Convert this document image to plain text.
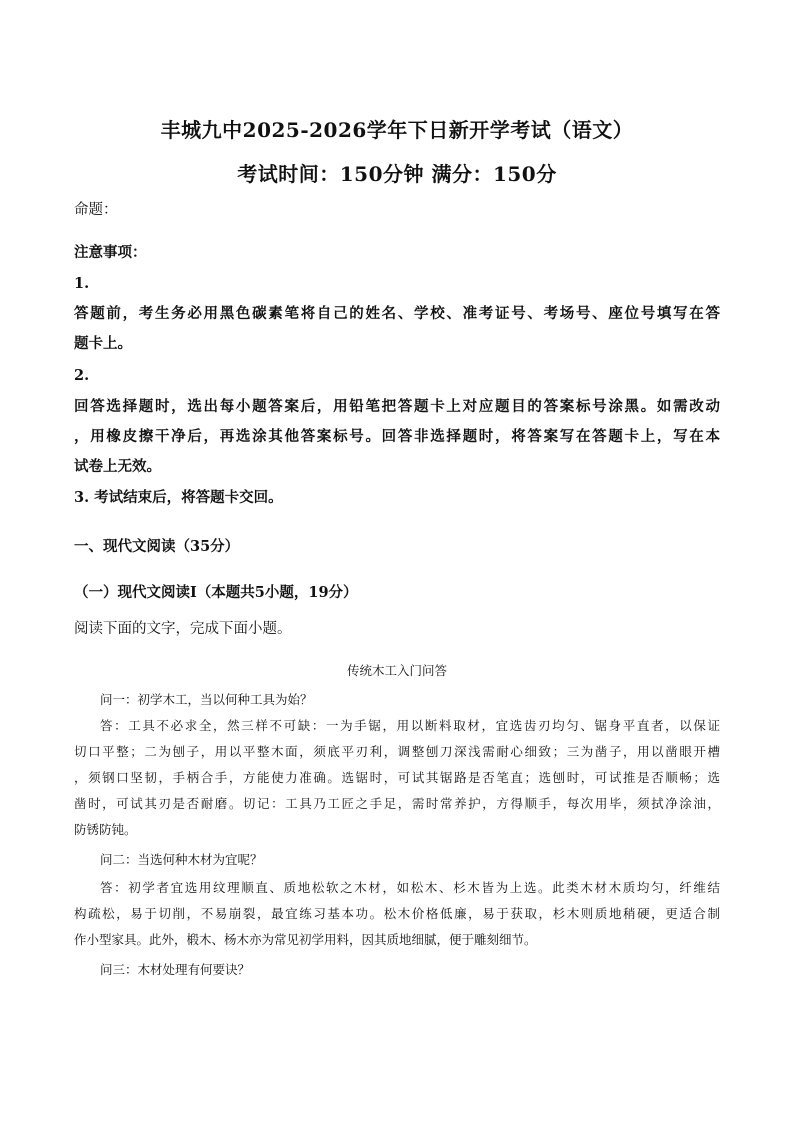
丰城九中2025-2026学年下日新开学考试（语文）
考试时间：150分钟 满分：150分
命题：
注意事项：
1.
答题前，考生务必用黑色碳素笔将自己的姓名、学校、准考证号、考场号、座位号填写在答
题卡上。
2.
回答选择题时，选出每小题答案后，用铅笔把答题卡上对应题目的答案标号涂黑。如需改动
，用橡皮擦干净后，再选涂其他答案标号。回答非选择题时，将答案写在答题卡上，写在本
试卷上无效。
3. 考试结束后，将答题卡交回。
一、现代文阅读（35分）
（一）现代文阅读Ⅰ（本题共5小题，19分）
阅读下面的文字，完成下面小题。
传统木工入门问答
问一：初学木工，当以何种工具为始？
答：工具不必求全，然三样不可缺：一为手锯，用以断料取材，宜选齿刃均匀、锯身平直者，以保证
切口平整；二为刨子，用以平整木面，须底平刃利，调整刨刀深浅需耐心细致；三为凿子，用以凿眼开槽
，须钢口坚韧，手柄合手，方能使力准确。选锯时，可试其锯路是否笔直；选刨时，可试推是否顺畅；选
凿时，可试其刃是否耐磨。切记：工具乃工匠之手足，需时常养护，方得顺手，每次用毕，须拭净涂油，
防锈防钝。
问二：当选何种木材为宜呢？
答：初学者宜选用纹理顺直、质地松软之木材，如松木、杉木皆为上选。此类木材木质均匀，纤维结
构疏松，易于切削，不易崩裂，最宜练习基本功。松木价格低廉，易于获取，杉木则质地稍硬，更适合制
作小型家具。此外，椴木、杨木亦为常见初学用料，因其质地细腻，便于雕刻细节。
问三：木材处理有何要诀？
